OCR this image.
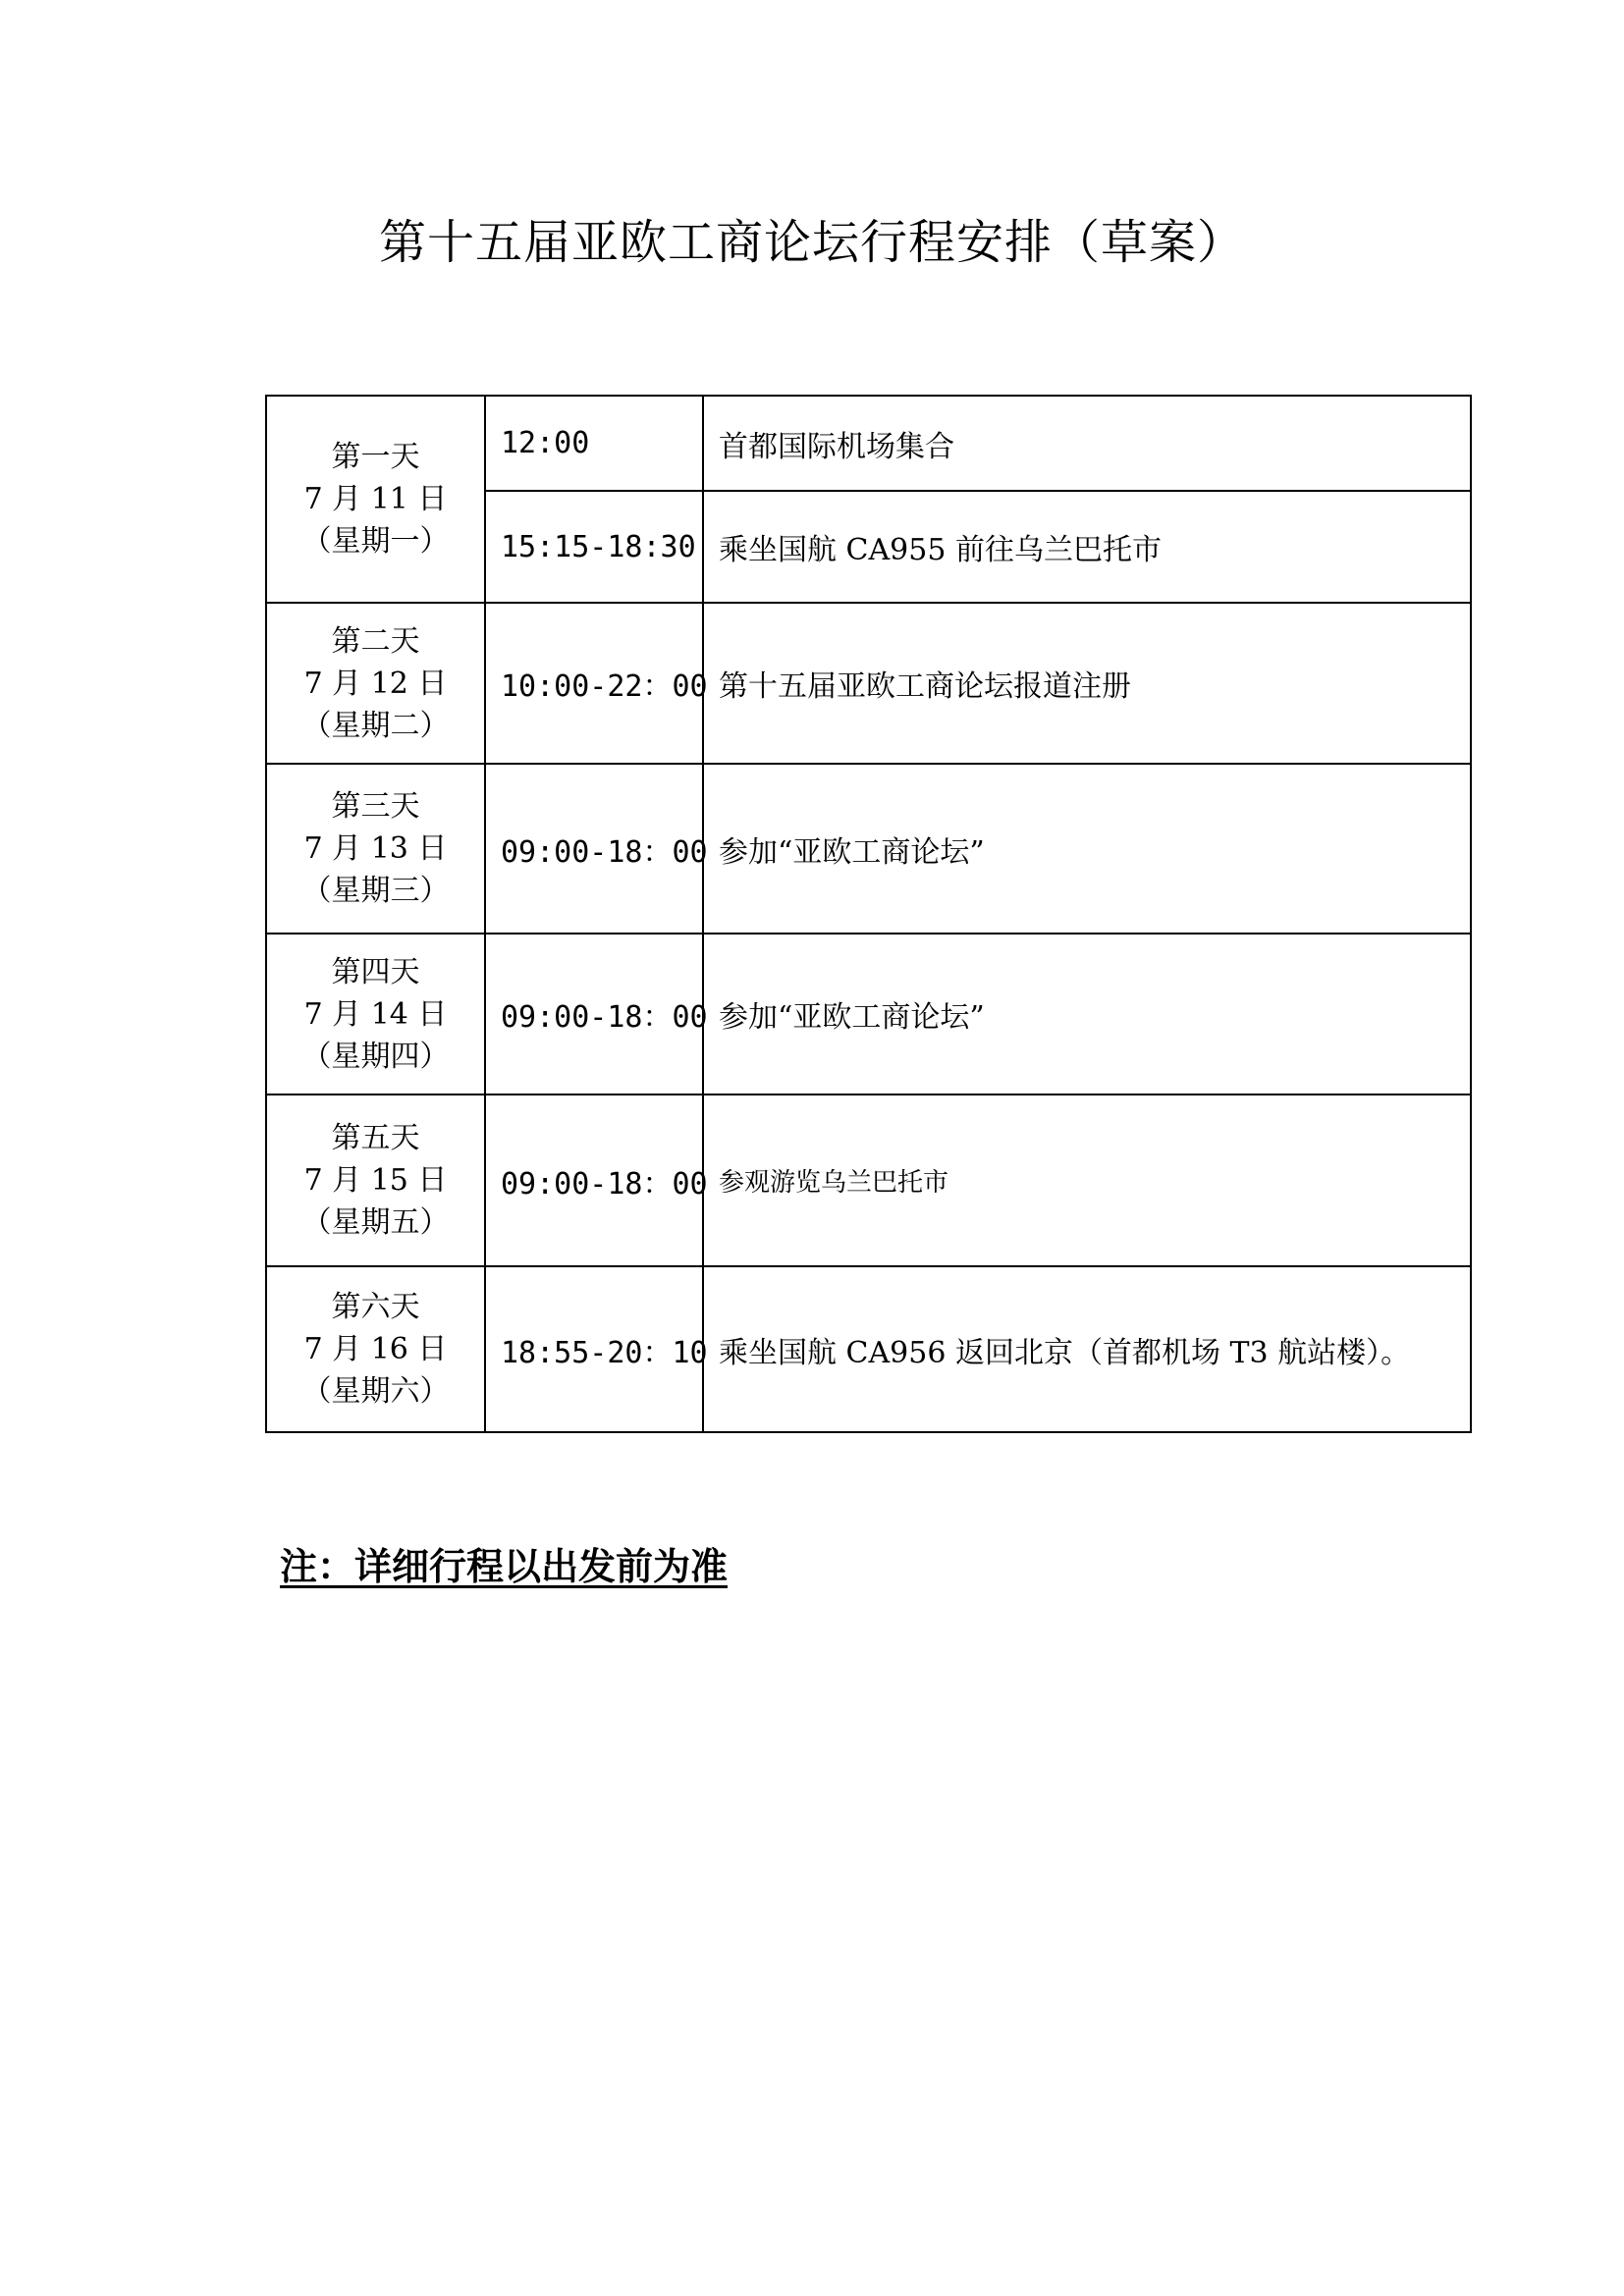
第十五届亚欧工商论坛行程安排（草案）
第一天
7 月 11 日
（星期一）	12:00	首都国际机场集合
	15:15-18:30	乘坐国航 CA955 前往乌兰巴托市

第二天
7 月 12 日
（星期二）	10:00-22：00	第十五届亚欧工商论坛报道注册

第三天
7 月 13 日
（星期三）	09:00-18：00	参加“亚欧工商论坛”

第四天
7 月 14 日
（星期四）	09:00-18：00	参加“亚欧工商论坛”

第五天
7 月 15 日
（星期五）	09:00-18：00	参观游览乌兰巴托市

第六天
7 月 16 日
（星期六）	18:55-20：10	乘坐国航 CA956 返回北京（首都机场 T3 航站楼）。

注：详细行程以出发前为准
